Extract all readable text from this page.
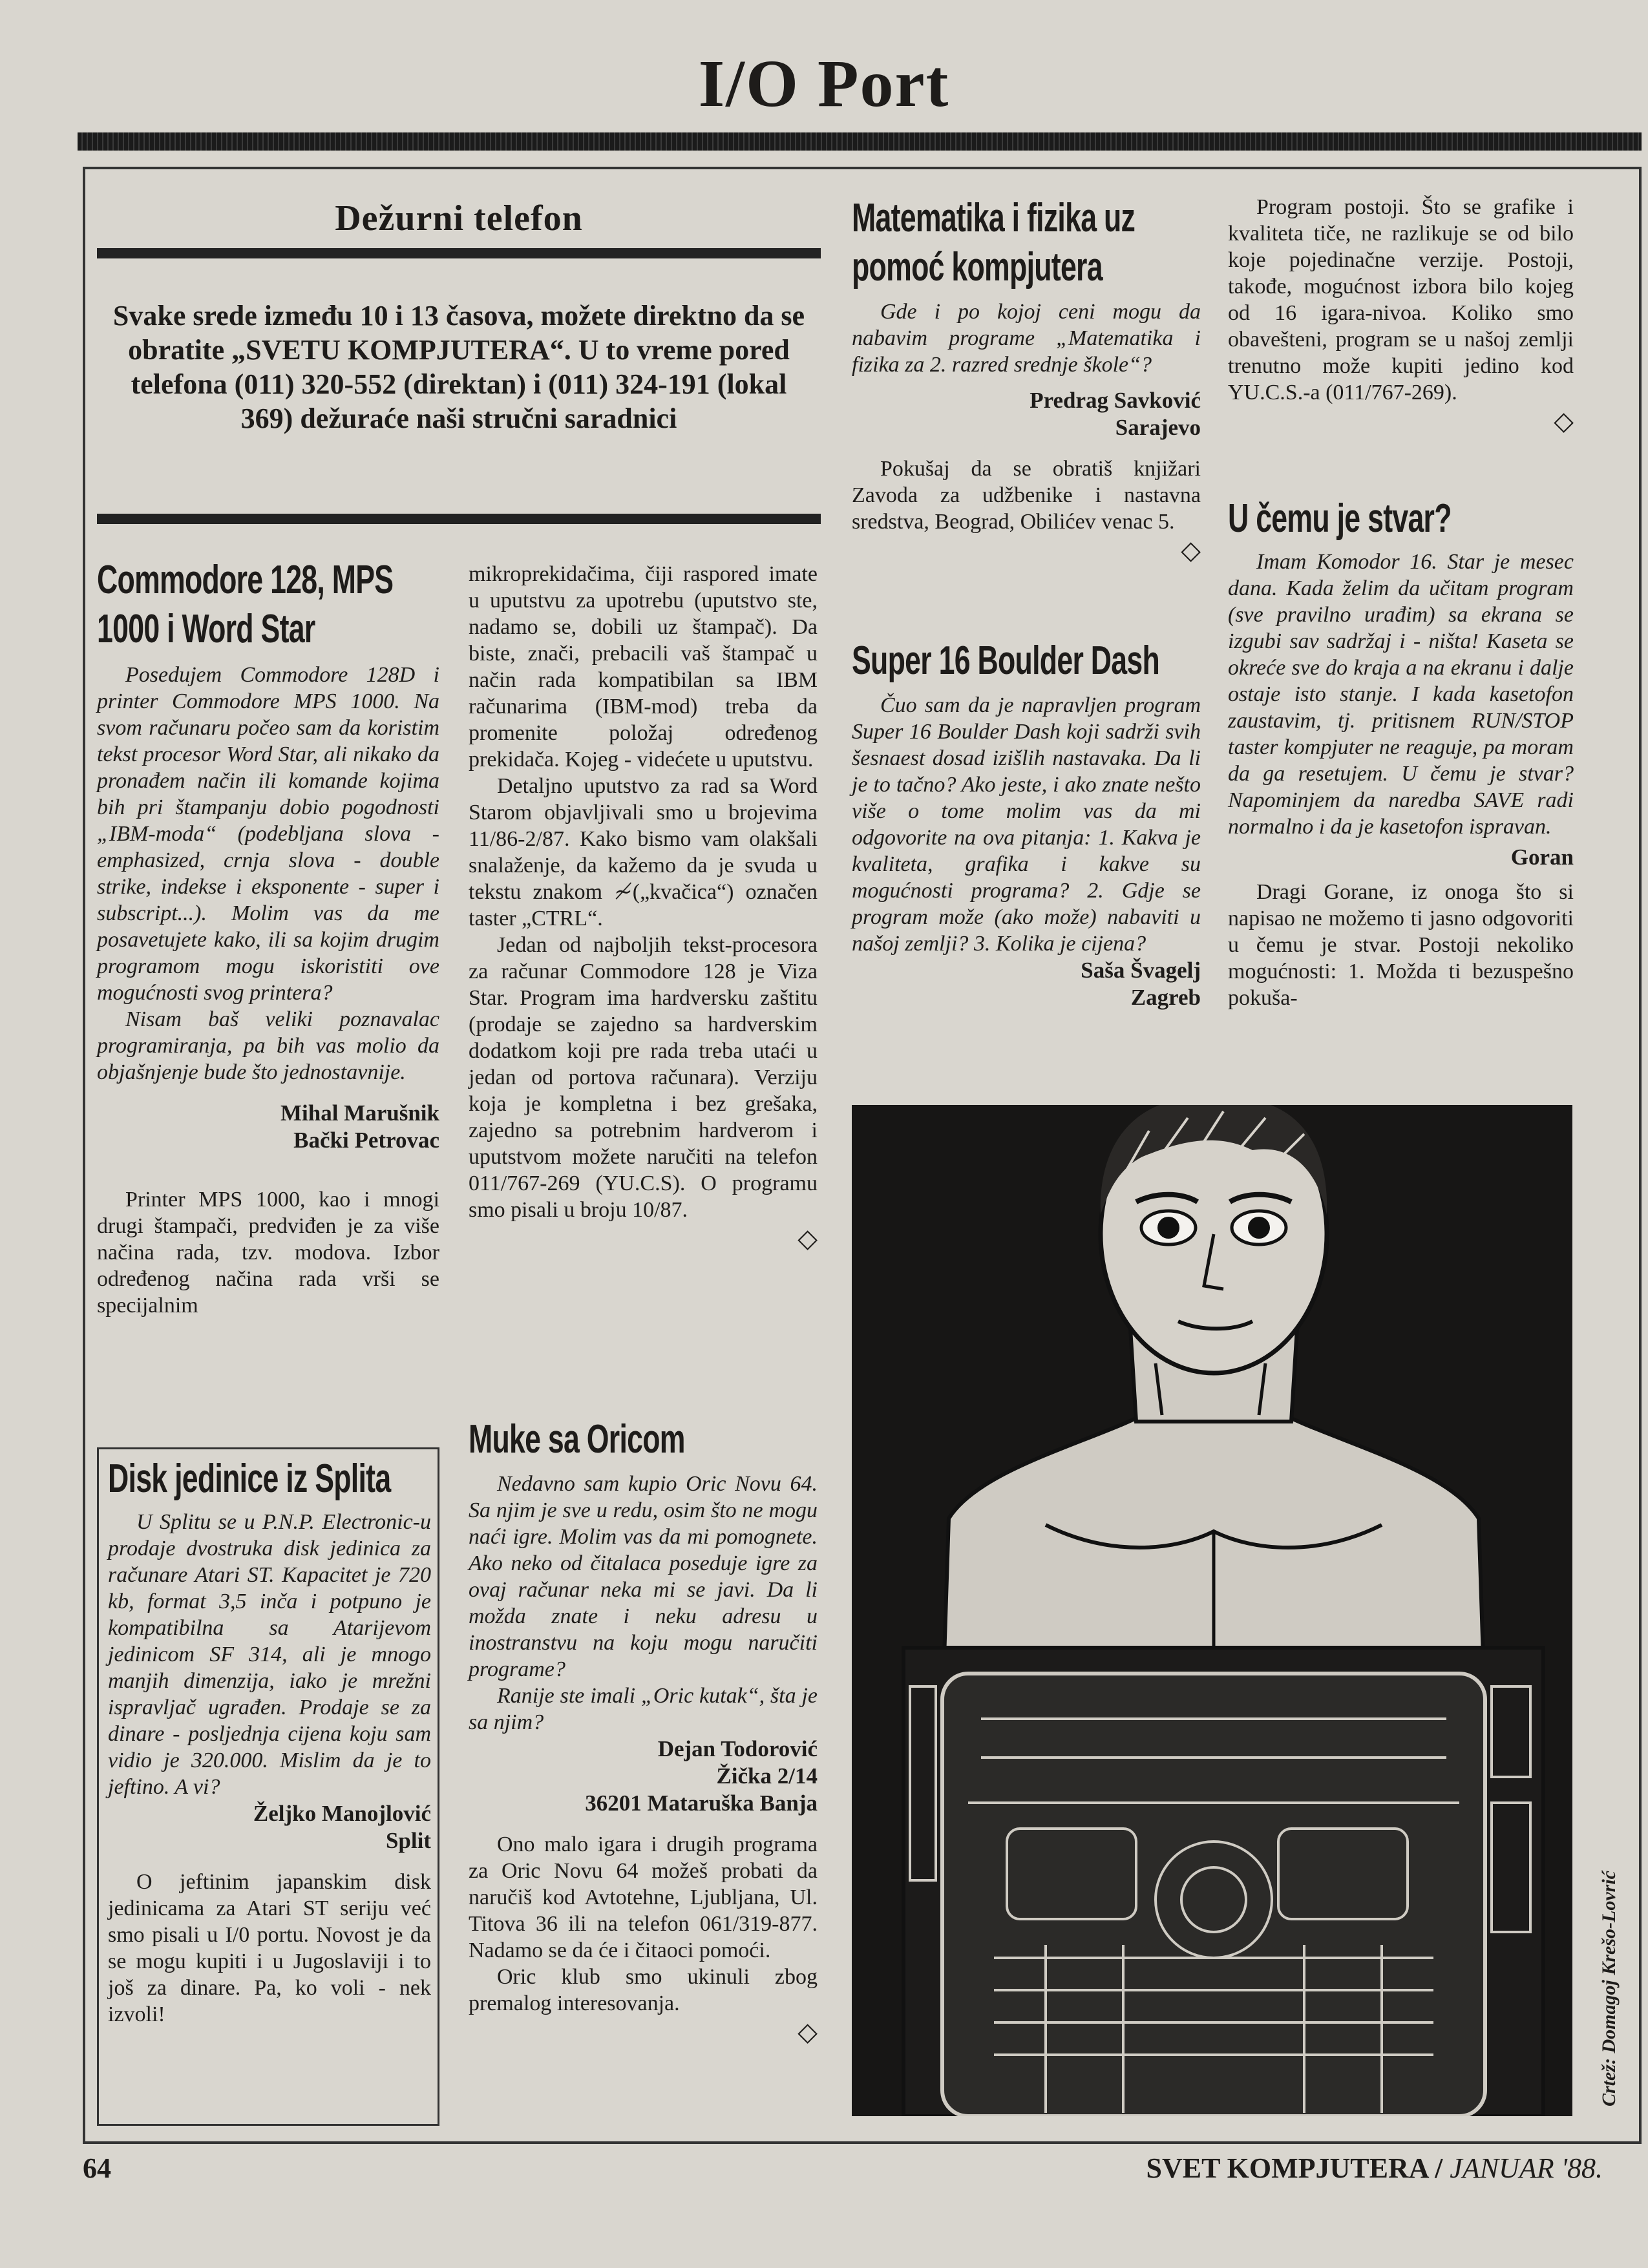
I/O Port
Dežurni telefon
Svake srede između 10 i 13 časova, možete direktno da se obratite „SVETU KOMPJUTERA“. U to vreme pored telefona (011) 320-552 (direktan) i (011) 324-191 (lokal 369) dežuraće naši stručni saradnici
Commodore 128, MPS
1000 i Word Star

Posedujem Commodore 128D i printer Commodore MPS 1000. Na svom računaru počeo sam da koristim tekst procesor Word Star, ali nikako da pronađem način ili komande kojima bih pri štampanju dobio pogodnosti „IBM-moda“ (podebljana slova - emphasized, crnja slova - double strike, indekse i eksponente - super i subscript...). Molim vas da me posavetujete kako, ili sa kojim drugim programom mogu iskoristiti ove mogućnosti svog printera?

Nisam baš veliki poznavalac programiranja, pa bih vas molio da objašnjenje bude što jednostavnije.

Mihal Marušnik
Bački Petrovac

Printer MPS 1000, kao i mnogi drugi štampači, predviđen je za više načina rada, tzv. modova. Izbor određenog načina rada vrši se specijalnim

mikroprekidačima, čiji raspored imate u uputstvu za upotrebu (uputstvo ste, nadamo se, dobili uz štampač). Da biste, znači, prebacili vaš štampač u način rada kompatibilan sa IBM računarima (IBM-mod) treba da promenite položaj određenog prekidača. Kojeg - videćete u uputstvu.

Detaljno uputstvo za rad sa Word Starom objavljivali smo u brojevima 11/86-2/87. Kako bismo vam olakšali snalaženje, da kažemo da je svuda u tekstu znakom ≁(„kvačica“) označen taster „CTRL“.

Jedan od najboljih tekst-procesora za računar Commodore 128 je Viza Star. Program ima hardversku zaštitu (prodaje se zajedno sa hardverskim dodatkom koji pre rada treba utaći u jedan od portova računara). Verziju koja je kompletna i bez grešaka, zajedno sa potrebnim hardverom i uputstvom možete naručiti na telefon 011/767-269 (YU.C.S). O programu smo pisali u broju 10/87.

◇
Disk jedinice iz Splita

U Splitu se u P.N.P. Electronic-u prodaje dvostruka disk jedinica za računare Atari ST. Kapacitet je 720 kb, format 3,5 inča i potpuno je kompatibilna sa Atarijevom jedinicom SF 314, ali je mnogo manjih dimenzija, iako je mrežni ispravljač ugrađen. Prodaje se za dinare - posljednja cijena koju sam vidio je 320.000. Mislim da je to jeftino. A vi?

Željko Manojlović
Split

O jeftinim japanskim disk jedinicama za Atari ST seriju već smo pisali u I/0 portu. Novost je da se mogu kupiti i u Jugoslaviji i to još za dinare. Pa, ko voli - nek izvoli!

Muke sa Oricom

Nedavno sam kupio Oric Novu 64. Sa njim je sve u redu, osim što ne mogu naći igre. Molim vas da mi pomognete. Ako neko od čitalaca poseduje igre za ovaj računar neka mi se javi. Da li možda znate i neku adresu u inostranstvu na koju mogu naručiti programe?

Ranije ste imali „Oric kutak“, šta je sa njim?

Dejan Todorović
Žička 2/14
36201 Mataruška Banja

Ono malo igara i drugih programa za Oric Novu 64 možeš probati da naručiš kod Avtotehne, Ljubljana, Ul. Titova 36 ili na telefon 061/319-877. Nadamo se da će i čitaoci pomoći.

Oric klub smo ukinuli zbog premalog interesovanja.

◇
Matematika i fizika uz
pomoć kompjutera

Gde i po kojoj ceni mogu da nabavim programe „Matematika i fizika za 2. razred srednje škole“?

Predrag Savković
Sarajevo

Pokušaj da se obratiš knjižari Zavoda za udžbenike i nastavna sredstva, Beograd, Obilićev venac 5.

◇
Super 16 Boulder Dash

Čuo sam da je napravljen program Super 16 Boulder Dash koji sadrži svih šesnaest dosad izišlih nastavaka. Da li je to tačno? Ako jeste, i ako znate nešto više o tome molim vas da mi odgovorite na ova pitanja: 1. Kakva je kvaliteta, grafika i kakve su mogućnosti programa? 2. Gdje se program može (ako može) nabaviti u našoj zemlji? 3. Kolika je cijena?

Saša Švagelj
Zagreb

Program postoji. Što se grafike i kvaliteta tiče, ne razlikuje se od bilo koje pojedinačne verzije. Postoji, takođe, mogućnost izbora bilo kojeg od 16 igara-nivoa. Koliko smo obavešteni, program se u našoj zemlji trenutno može kupiti jedino kod YU.C.S.-a (011/767-269).

◇
U čemu je stvar?

Imam Komodor 16. Star je mesec dana. Kada želim da učitam program (sve pravilno urađim) sa ekrana se izgubi sav sadržaj i - ništa! Kaseta se okreće sve do kraja a na ekranu i dalje ostaje isto stanje. I kada kasetofon zaustavim, tj. pritisnem RUN/STOP taster kompjuter ne reaguje, pa moram da ga resetujem. U čemu je stvar? Napominjem da naredba SAVE radi normalno i da je kasetofon ispravan.

Goran

Dragi Gorane, iz onoga što si napisao ne možemo ti jasno odgovoriti u čemu je stvar. Postoji nekoliko mogućnosti: 1. Možda ti bezuspešno pokuša-

Crtež: Domagoj Krešo-Lovrić
64	SVET KOMPJUTERA / JANUAR '88.
